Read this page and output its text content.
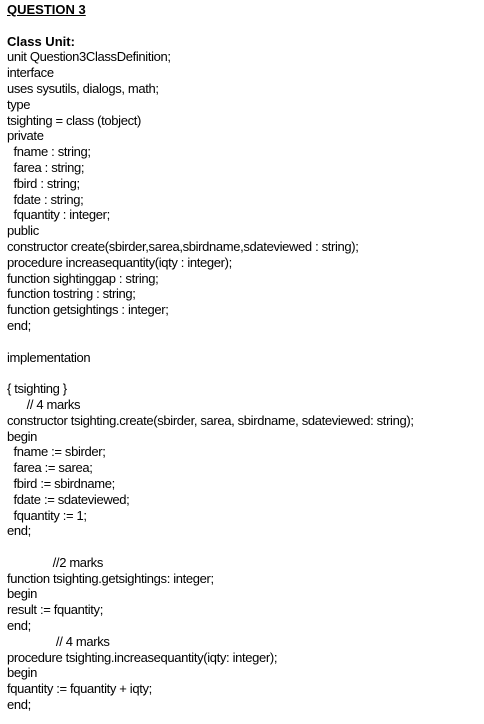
QUESTION 3
Class Unit:
unit Question3ClassDefinition;
interface
uses sysutils, dialogs, math;
type
tsighting = class (tobject)
private
fname : string;
farea : string;
fbird : string;
fdate : string;
fquantity : integer;
public
constructor create(sbirder,sarea,sbirdname,sdateviewed : string);
procedure increasequantity(iqty : integer);
function sightinggap : string;
function tostring : string;
function getsightings : integer;
end;
implementation
{ tsighting }
// 4 marks
constructor tsighting.create(sbirder, sarea, sbirdname, sdateviewed: string);
begin
fname := sbirder;
farea := sarea;
fbird := sbirdname;
fdate := sdateviewed;
fquantity := 1;
end;
//2 marks
function tsighting.getsightings: integer;
begin
result := fquantity;
end;
// 4 marks
procedure tsighting.increasequantity(iqty: integer);
begin
fquantity := fquantity + iqty;
end;
